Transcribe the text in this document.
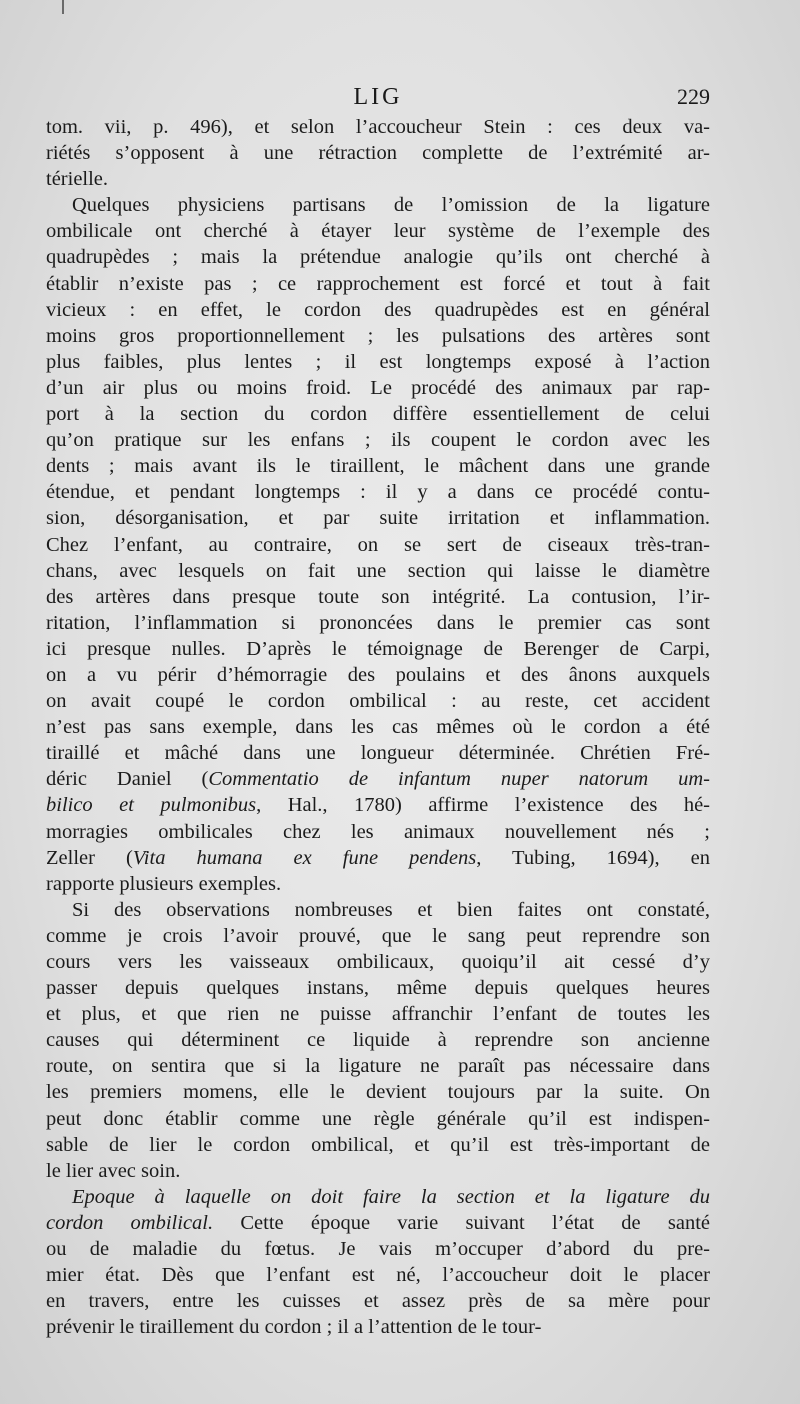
LIG	229
tom. vii, p. 496), et selon l’accoucheur Stein : ces deux va-
riétés s’opposent à une rétraction complette de l’extrémité ar-
térielle.
Quelques physiciens partisans de l’omission de la ligature
ombilicale ont cherché à étayer leur système de l’exemple des
quadrupèdes ; mais la prétendue analogie qu’ils ont cherché à
établir n’existe pas ; ce rapprochement est forcé et tout à fait
vicieux : en effet, le cordon des quadrupèdes est en général
moins gros proportionnellement ; les pulsations des artères sont
plus faibles, plus lentes ; il est longtemps exposé à l’action
d’un air plus ou moins froid. Le procédé des animaux par rap-
port à la section du cordon diffère essentiellement de celui
qu’on pratique sur les enfans ; ils coupent le cordon avec les
dents ; mais avant ils le tiraillent, le mâchent dans une grande
étendue, et pendant longtemps : il y a dans ce procédé contu-
sion, désorganisation, et par suite irritation et inflammation.
Chez l’enfant, au contraire, on se sert de ciseaux très-tran-
chans, avec lesquels on fait une section qui laisse le diamètre
des artères dans presque toute son intégrité. La contusion, l’ir-
ritation, l’inflammation si prononcées dans le premier cas sont
ici presque nulles. D’après le témoignage de Berenger de Carpi,
on a vu périr d’hémorragie des poulains et des ânons auxquels
on avait coupé le cordon ombilical : au reste, cet accident
n’est pas sans exemple, dans les cas mêmes où le cordon a été
tiraillé et mâché dans une longueur déterminée. Chrétien Fré-
déric Daniel (Commentatio de infantum nuper natorum um-
bilico et pulmonibus, Hal., 1780) affirme l’existence des hé-
morragies ombilicales chez les animaux nouvellement nés ;
Zeller (Vita humana ex fune pendens, Tubing, 1694), en
rapporte plusieurs exemples.
Si des observations nombreuses et bien faites ont constaté,
comme je crois l’avoir prouvé, que le sang peut reprendre son
cours vers les vaisseaux ombilicaux, quoiqu’il ait cessé d’y
passer depuis quelques instans, même depuis quelques heures
et plus, et que rien ne puisse affranchir l’enfant de toutes les
causes qui déterminent ce liquide à reprendre son ancienne
route, on sentira que si la ligature ne paraît pas nécessaire dans
les premiers momens, elle le devient toujours par la suite. On
peut donc établir comme une règle générale qu’il est indispen-
sable de lier le cordon ombilical, et qu’il est très-important de
le lier avec soin.
Epoque à laquelle on doit faire la section et la ligature du
cordon ombilical. Cette époque varie suivant l’état de santé
ou de maladie du fœtus. Je vais m’occuper d’abord du pre-
mier état. Dès que l’enfant est né, l’accoucheur doit le placer
en travers, entre les cuisses et assez près de sa mère pour
prévenir le tiraillement du cordon ; il a l’attention de le tour-
